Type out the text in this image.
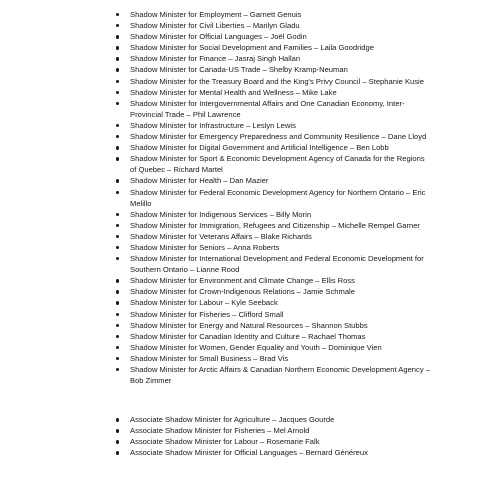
Shadow Minister for Employment – Garnett Genuis
Shadow Minister for Civil Liberties – Marilyn Gladu
Shadow Minister for Official Languages – Joël Godin
Shadow Minister for Social Development and Families – Laila Goodridge
Shadow Minister for Finance – Jasraj Singh Hallan
Shadow Minister for Canada-US Trade – Shelby Kramp-Neuman
Shadow Minister for the Treasury Board and the King's Privy Council – Stephanie Kusie
Shadow Minister for Mental Health and Wellness – Mike Lake
Shadow Minister for Intergovernmental Affairs and One Canadian Economy, Inter-Provincial Trade – Phil Lawrence
Shadow Minister for Infrastructure – Leslyn Lewis
Shadow Minister for Emergency Preparedness and Community Resilience – Dane Lloyd
Shadow Minister for Digital Government and Artificial Intelligence – Ben Lobb
Shadow Minister for Sport & Economic Development Agency of Canada for the Regions of Quebec – Richard Martel
Shadow Minister for Health – Dan Mazier
Shadow Minister for Federal Economic Development Agency for Northern Ontario – Eric Melillo
Shadow Minister for Indigenous Services – Billy Morin
Shadow Minister for Immigration, Refugees and Citizenship – Michelle Rempel Garner
Shadow Minister for Veterans Affairs – Blake Richards
Shadow Minister for Seniors – Anna Roberts
Shadow Minister for International Development and Federal Economic Development for Southern Ontario – Lianne Rood
Shadow Minister for Environment and Climate Change – Ellis Ross
Shadow Minister for Crown-Indigenous Relations – Jamie Schmale
Shadow Minister for Labour – Kyle Seeback
Shadow Minister for Fisheries – Clifford Small
Shadow Minister for Energy and Natural Resources – Shannon Stubbs
Shadow Minister for Canadian Identity and Culture – Rachael Thomas
Shadow Minister for Women, Gender Equality and Youth – Dominique Vien
Shadow Minister for Small Business – Brad Vis
Shadow Minister for Arctic Affairs & Canadian Northern Economic Development Agency – Bob Zimmer
Associate Shadow Minister for Agriculture – Jacques Gourde
Associate Shadow Minister for Fisheries – Mel Arnold
Associate Shadow Minister for Labour – Rosemarie Falk
Associate Shadow Minister for Official Languages – Bernard Généreux
